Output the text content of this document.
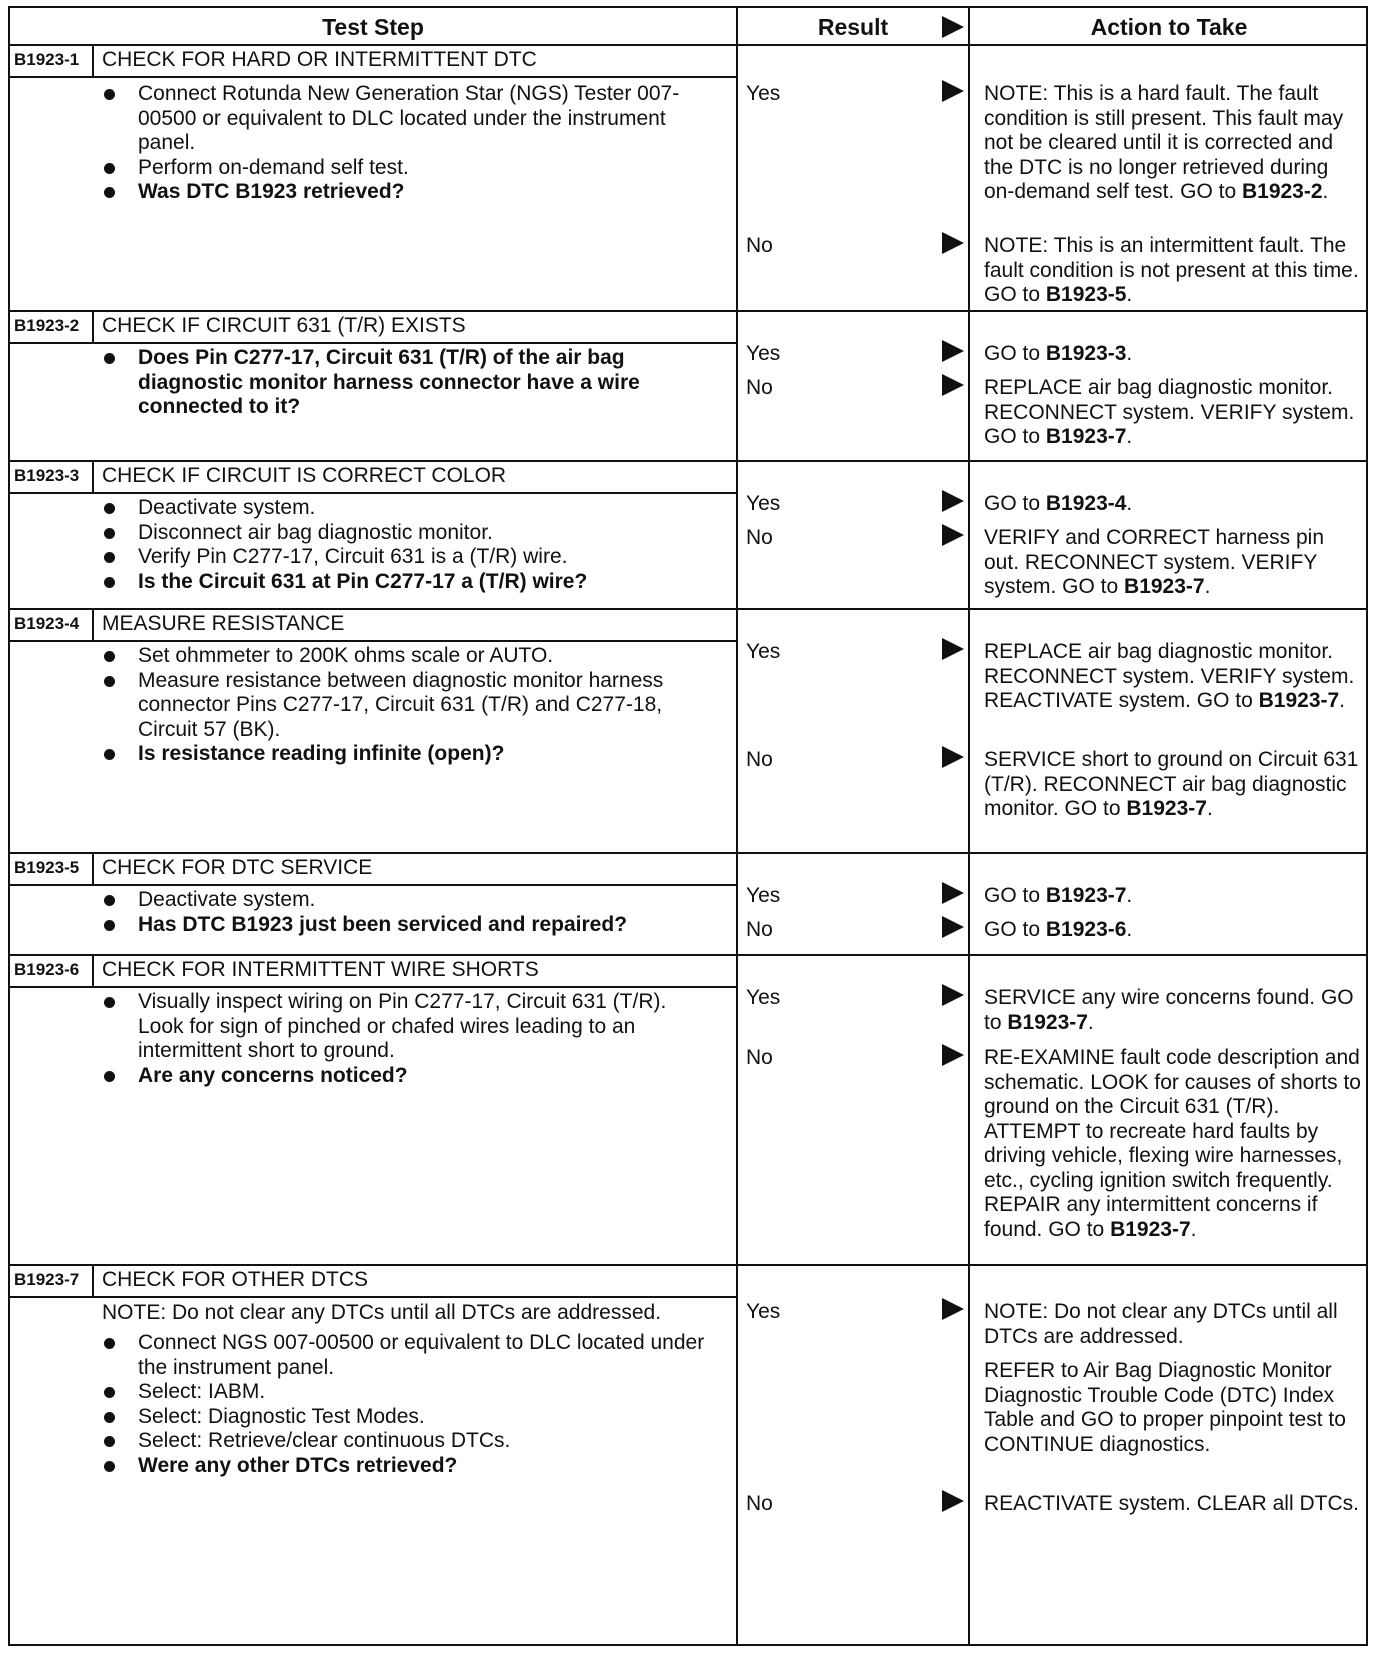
Test Step	Result	Action to Take
B1923-1	CHECK FOR HARD OR INTERMITTENT DTC
Connect Rotunda New Generation Star (NGS) Tester 007-00500 or equivalent to DLC located under the instrument panel.
Perform on-demand self test.
Was DTC B1923 retrieved?
Yes	NOTE: This is a hard fault. The fault condition is still present. This fault may not be cleared until it is corrected and the DTC is no longer retrieved during on-demand self test. GO to B1923-2.
No	NOTE: This is an intermittent fault. The fault condition is not present at this time. GO to B1923-5.
B1923-2	CHECK IF CIRCUIT 631 (T/R) EXISTS
Does Pin C277-17, Circuit 631 (T/R) of the air bag diagnostic monitor harness connector have a wire connected to it?
Yes	GO to B1923-3.
No	REPLACE air bag diagnostic monitor. RECONNECT system. VERIFY system. GO to B1923-7.
B1923-3	CHECK IF CIRCUIT IS CORRECT COLOR
Deactivate system.
Disconnect air bag diagnostic monitor.
Verify Pin C277-17, Circuit 631 is a (T/R) wire.
Is the Circuit 631 at Pin C277-17 a (T/R) wire?
Yes	GO to B1923-4.
No	VERIFY and CORRECT harness pin out. RECONNECT system. VERIFY system. GO to B1923-7.
B1923-4	MEASURE RESISTANCE
Set ohmmeter to 200K ohms scale or AUTO.
Measure resistance between diagnostic monitor harness connector Pins C277-17, Circuit 631 (T/R) and C277-18, Circuit 57 (BK).
Is resistance reading infinite (open)?
Yes	REPLACE air bag diagnostic monitor. RECONNECT system. VERIFY system. REACTIVATE system. GO to B1923-7.
No	SERVICE short to ground on Circuit 631 (T/R). RECONNECT air bag diagnostic monitor. GO to B1923-7.
B1923-5	CHECK FOR DTC SERVICE
Deactivate system.
Has DTC B1923 just been serviced and repaired?
Yes	GO to B1923-7.
No	GO to B1923-6.
B1923-6	CHECK FOR INTERMITTENT WIRE SHORTS
Visually inspect wiring on Pin C277-17, Circuit 631 (T/R). Look for sign of pinched or chafed wires leading to an intermittent short to ground.
Are any concerns noticed?
Yes	SERVICE any wire concerns found. GO to B1923-7.
No	RE-EXAMINE fault code description and schematic. LOOK for causes of shorts to ground on the Circuit 631 (T/R). ATTEMPT to recreate hard faults by driving vehicle, flexing wire harnesses, etc., cycling ignition switch frequently. REPAIR any intermittent concerns if found. GO to B1923-7.
B1923-7	CHECK FOR OTHER DTCS
NOTE: Do not clear any DTCs until all DTCs are addressed.
Connect NGS 007-00500 or equivalent to DLC located under the instrument panel.
Select: IABM.
Select: Diagnostic Test Modes.
Select: Retrieve/clear continuous DTCs.
Were any other DTCs retrieved?
Yes	NOTE: Do not clear any DTCs until all DTCs are addressed.
REFER to Air Bag Diagnostic Monitor Diagnostic Trouble Code (DTC) Index Table and GO to proper pinpoint test to CONTINUE diagnostics.
No	REACTIVATE system. CLEAR all DTCs.
